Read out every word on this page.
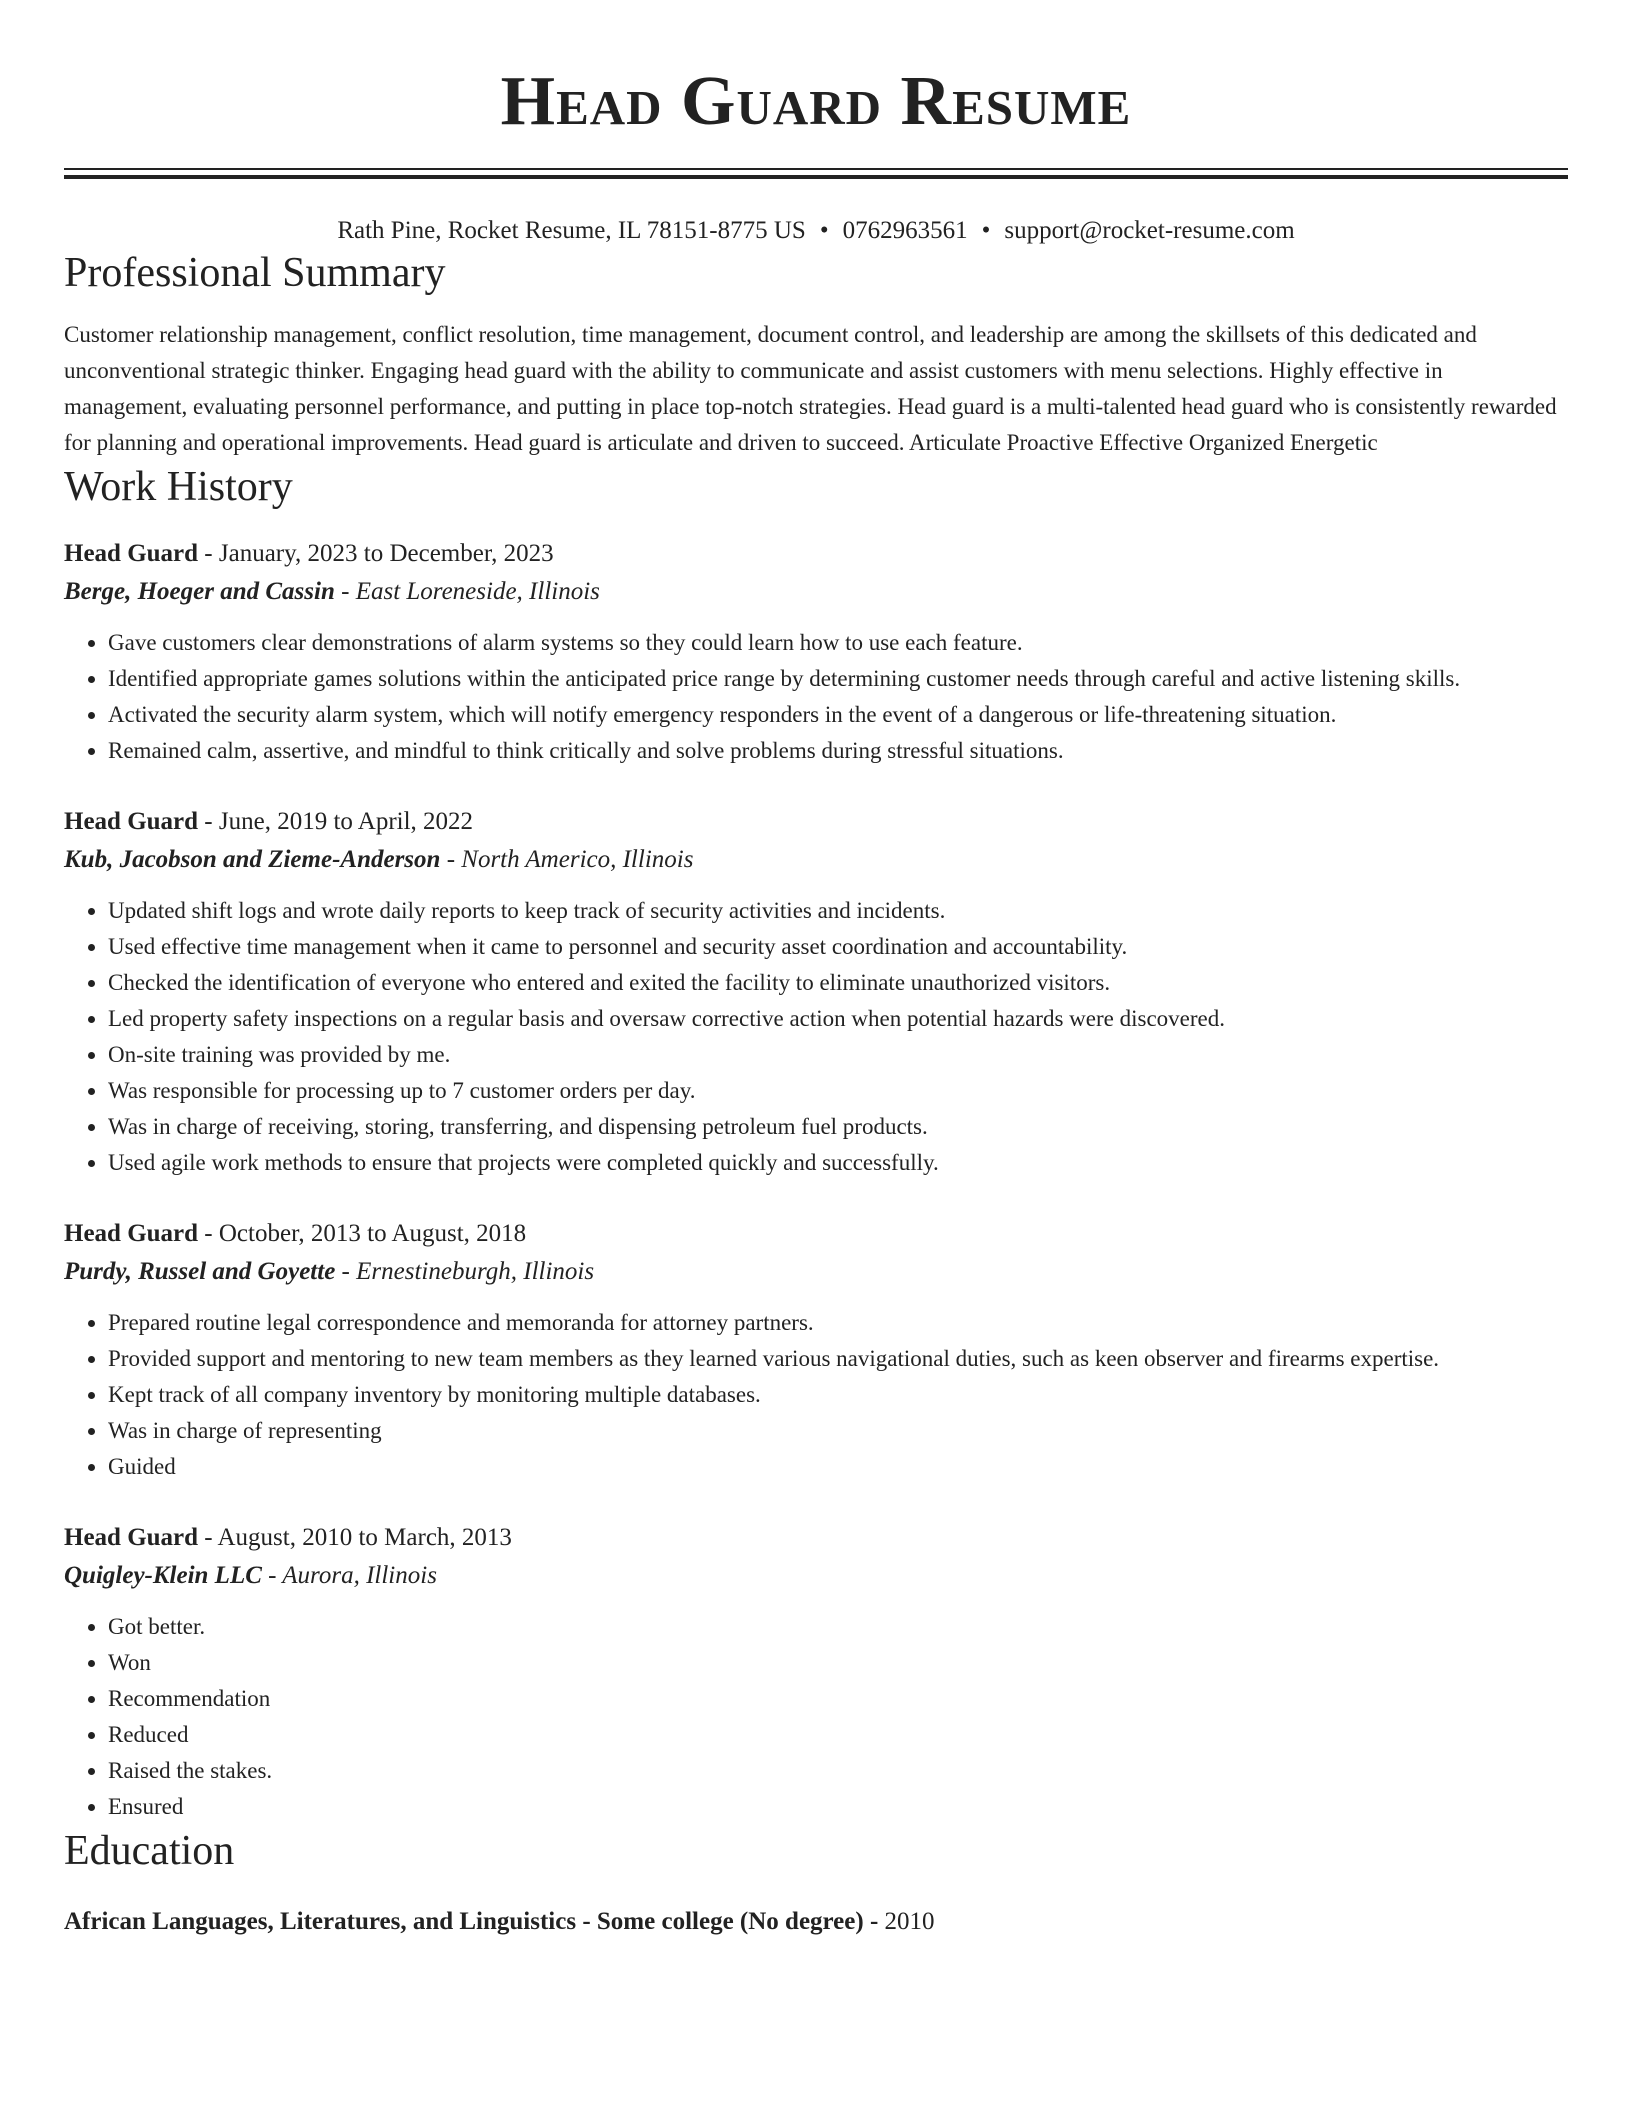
Head Guard Resume
Rath Pine, Rocket Resume, IL 78151-8775 US • 0762963561 • support@rocket-resume.com
Professional Summary

Customer relationship management, conflict resolution, time management, document control, and leadership are among the skillsets of this dedicated and unconventional strategic thinker. Engaging head guard with the ability to communicate and assist customers with menu selections. Highly effective in management, evaluating personnel performance, and putting in place top-notch strategies. Head guard is a multi-talented head guard who is consistently rewarded for planning and operational improvements. Head guard is articulate and driven to succeed. Articulate Proactive Effective Organized Energetic

Work History
Head Guard - January, 2023 to December, 2023
Berge, Hoeger and Cassin - East Loreneside, Illinois
• Gave customers clear demonstrations of alarm systems so they could learn how to use each feature.
• Identified appropriate games solutions within the anticipated price range by determining customer needs through careful and active listening skills.
• Activated the security alarm system, which will notify emergency responders in the event of a dangerous or life-threatening situation.
• Remained calm, assertive, and mindful to think critically and solve problems during stressful situations.
Head Guard - June, 2019 to April, 2022
Kub, Jacobson and Zieme-Anderson - North Americo, Illinois
• Updated shift logs and wrote daily reports to keep track of security activities and incidents.
• Used effective time management when it came to personnel and security asset coordination and accountability.
• Checked the identification of everyone who entered and exited the facility to eliminate unauthorized visitors.
• Led property safety inspections on a regular basis and oversaw corrective action when potential hazards were discovered.
• On-site training was provided by me.
• Was responsible for processing up to 7 customer orders per day.
• Was in charge of receiving, storing, transferring, and dispensing petroleum fuel products.
• Used agile work methods to ensure that projects were completed quickly and successfully.
Head Guard - October, 2013 to August, 2018
Purdy, Russel and Goyette - Ernestineburgh, Illinois
• Prepared routine legal correspondence and memoranda for attorney partners.
• Provided support and mentoring to new team members as they learned various navigational duties, such as keen observer and firearms expertise.
• Kept track of all company inventory by monitoring multiple databases.
• Was in charge of representing
• Guided
Head Guard - August, 2010 to March, 2013
Quigley-Klein LLC - Aurora, Illinois
• Got better.
• Won
• Recommendation
• Reduced
• Raised the stakes.
• Ensured
Education
African Languages, Literatures, and Linguistics - Some college (No degree) - 2010
